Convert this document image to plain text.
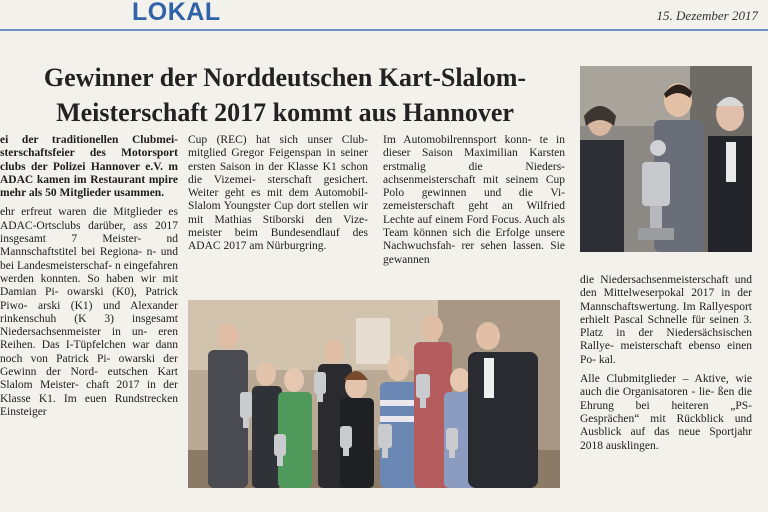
LOKAL	15. Dezember 2017
Gewinner der Norddeutschen Kart-Slalom-
Meisterschaft 2017 kommt aus Hannover

ei der traditionellen Clubmei- sterschaftsfeier des Motorsport clubs der Polizei Hannover e.V. m ADAC kamen im Restaurant mpire mehr als 50 Mitglieder usammen.

ehr erfreut waren die Mitglieder es ADAC-Ortsclubs darüber, ass 2017 insgesamt 7 Meister- nd Mannschaftstitel bei Regiona- n- und bei Landesmeisterschaf- n eingefahren werden konnten. So haben wir mit Damian Pi- owarski (K0), Patrick Piwo- arski (K1) und Alexander rinkenschuh (K 3) insgesamt Niedersachsenmeister in un- eren Reihen. Das I-Tüpfelchen war dann noch von Patrick Pi- owarski der Gewinn der Nord- eutschen Kart Slalom Meister- chaft 2017 in der Klasse K1. Im euen Rundstrecken Einsteiger

Cup (REC) hat sich unser Club- mitglied Gregor Feigenspan in seiner ersten Saison in der Klasse K1 schon die Vizemei- sterschaft gesichert. Weiter geht es mit dem Automobil-Slalom Youngster Cup dort stellen wir mit Mathias Stiborski den Vize- meister beim Bundesendlauf des ADAC 2017 am Nürburgring.

Im Automobilrennsport konn- te in dieser Saison Maximilian Karsten erstmalig die Nieders- achsenmeisterschaft mit seinem Cup Polo gewinnen und die Vi- zemeisterschaft geht an Wilfried Lechte auf einem Ford Focus. Auch als Team können sich die Erfolge unsere Nachwuchsfah- rer sehen lassen. Sie gewannen

die Niedersachsenmeisterschaft und den Mittelweserpokal 2017 in der Mannschaftswertung. Im Rallyesport erhielt Pascal Schnelle für seinen 3. Platz in der Niedersächsischen Rallye- meisterschaft ebenso einen Po- kal.

Alle Clubmitglieder – Aktive, wie auch die Organisatoren - lie- ßen die Ehrung bei heiteren „PS- Gesprächen“ mit Rückblick und Ausblick auf das neue Sportjahr 2018 ausklingen.
